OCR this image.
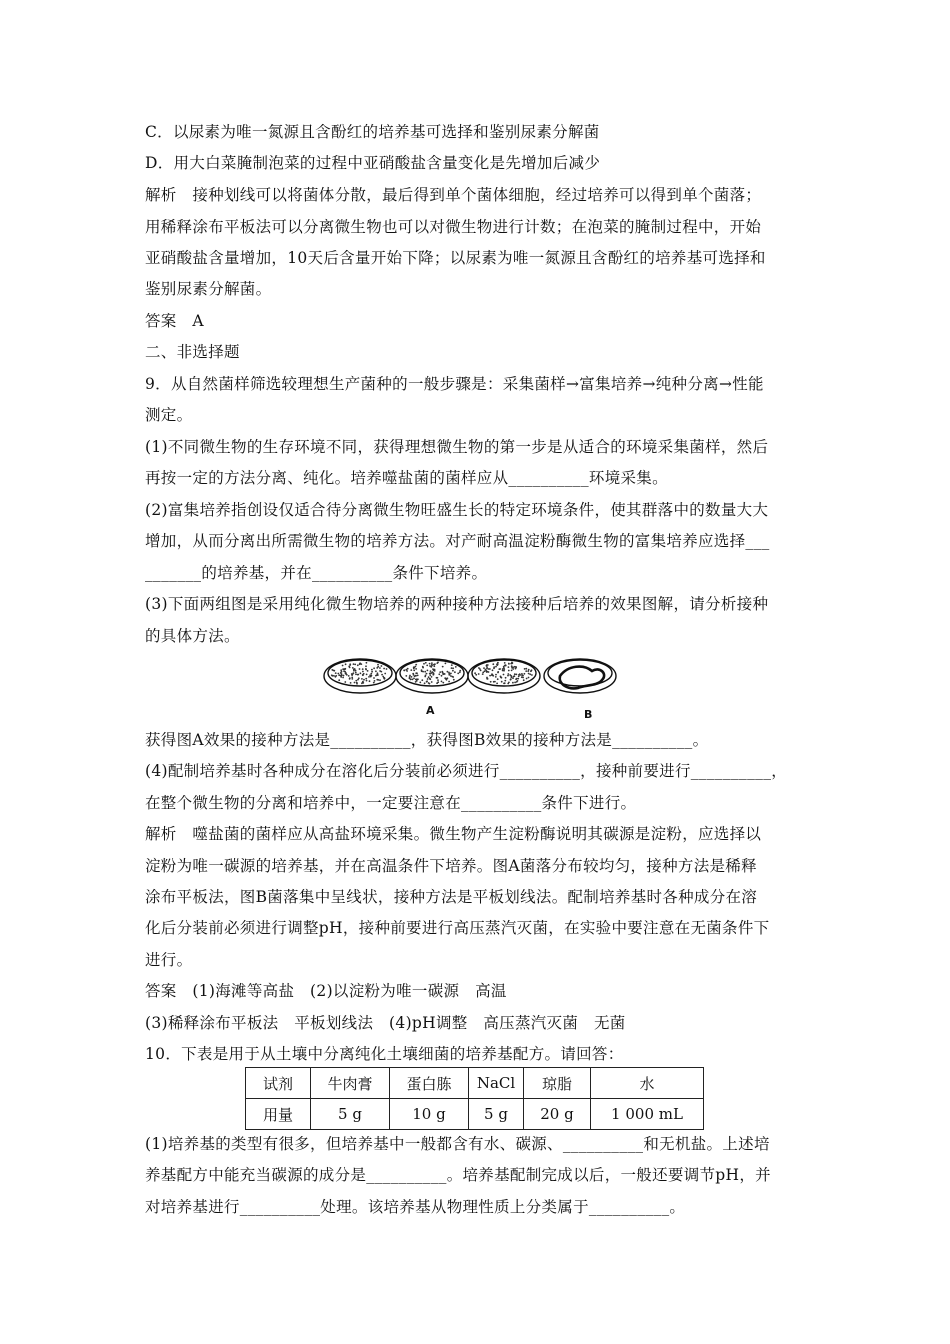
C．以尿素为唯一氮源且含酚红的培养基可选择和鉴别尿素分解菌
D．用大白菜腌制泡菜的过程中亚硝酸盐含量变化是先增加后减少
解析　接种划线可以将菌体分散，最后得到单个菌体细胞，经过培养可以得到单个菌落；
用稀释涂布平板法可以分离微生物也可以对微生物进行计数；在泡菜的腌制过程中，开始
亚硝酸盐含量增加，10天后含量开始下降；以尿素为唯一氮源且含酚红的培养基可选择和
鉴别尿素分解菌。
答案　A
二、非选择题
9．从自然菌样筛选较理想生产菌种的一般步骤是：采集菌样→富集培养→纯种分离→性能
测定。
(1)不同微生物的生存环境不同，获得理想微生物的第一步是从适合的环境采集菌样，然后
再按一定的方法分离、纯化。培养噬盐菌的菌样应从__________环境采集。
(2)富集培养指创设仅适合待分离微生物旺盛生长的特定环境条件，使其群落中的数量大大
增加，从而分离出所需微生物的培养方法。对产耐高温淀粉酶微生物的富集培养应选择___
_______的培养基，并在__________条件下培养。
(3)下面两组图是采用纯化微生物培养的两种接种方法接种后培养的效果图解，请分析接种
的具体方法。
A	B
获得图A效果的接种方法是__________，获得图B效果的接种方法是__________。
(4)配制培养基时各种成分在溶化后分装前必须进行__________，接种前要进行__________，
在整个微生物的分离和培养中，一定要注意在__________条件下进行。
解析　噬盐菌的菌样应从高盐环境采集。微生物产生淀粉酶说明其碳源是淀粉，应选择以
淀粉为唯一碳源的培养基，并在高温条件下培养。图A菌落分布较均匀，接种方法是稀释
涂布平板法，图B菌落集中呈线状，接种方法是平板划线法。配制培养基时各种成分在溶
化后分装前必须进行调整pH，接种前要进行高压蒸汽灭菌，在实验中要注意在无菌条件下
进行。
答案　(1)海滩等高盐　(2)以淀粉为唯一碳源　高温
(3)稀释涂布平板法　平板划线法　(4)pH调整　高压蒸汽灭菌　无菌
10．下表是用于从土壤中分离纯化土壤细菌的培养基配方。请回答：
试剂	牛肉膏	蛋白胨	NaCl	琼脂	水
用量	5 g	10 g	5 g	20 g	1 000 mL
(1)培养基的类型有很多，但培养基中一般都含有水、碳源、__________和无机盐。上述培
养基配方中能充当碳源的成分是__________。培养基配制完成以后，一般还要调节pH，并
对培养基进行__________处理。该培养基从物理性质上分类属于__________。
